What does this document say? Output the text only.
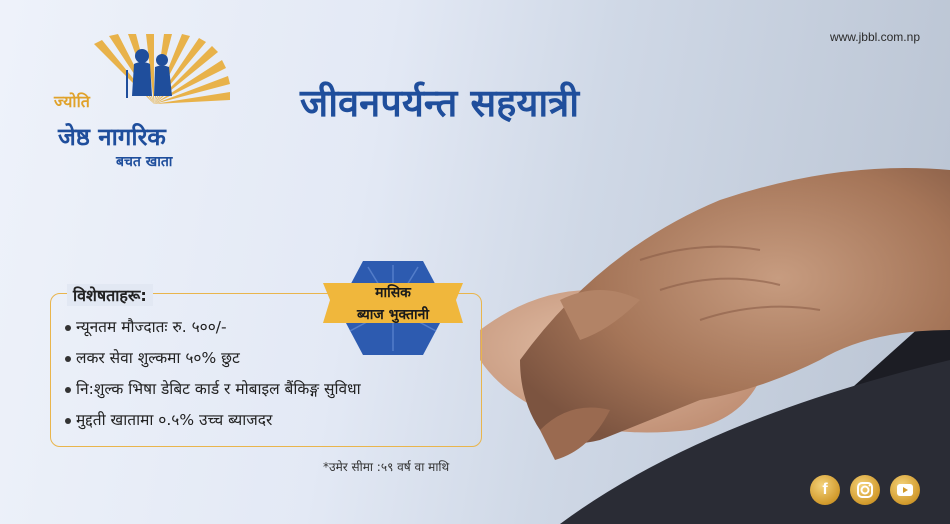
www.jbbl.com.np
ज्योति
जेष्ठ नागरिक
बचत खाता
जीवनपर्यन्त सहयात्री
विशेषताहरू:
न्यूनतम मौज्दातः रु. ५००/-
लकर सेवा शुल्कमा ५०% छुट
नि:शुल्क भिषा डेबिट कार्ड र मोबाइल बैंकिङ्ग सुविधा
मुद्दती खातामा ०.५% उच्च ब्याजदर
मासिक
ब्याज भुक्तानी
*उमेर सीमा :५९ वर्ष वा माथि
f
